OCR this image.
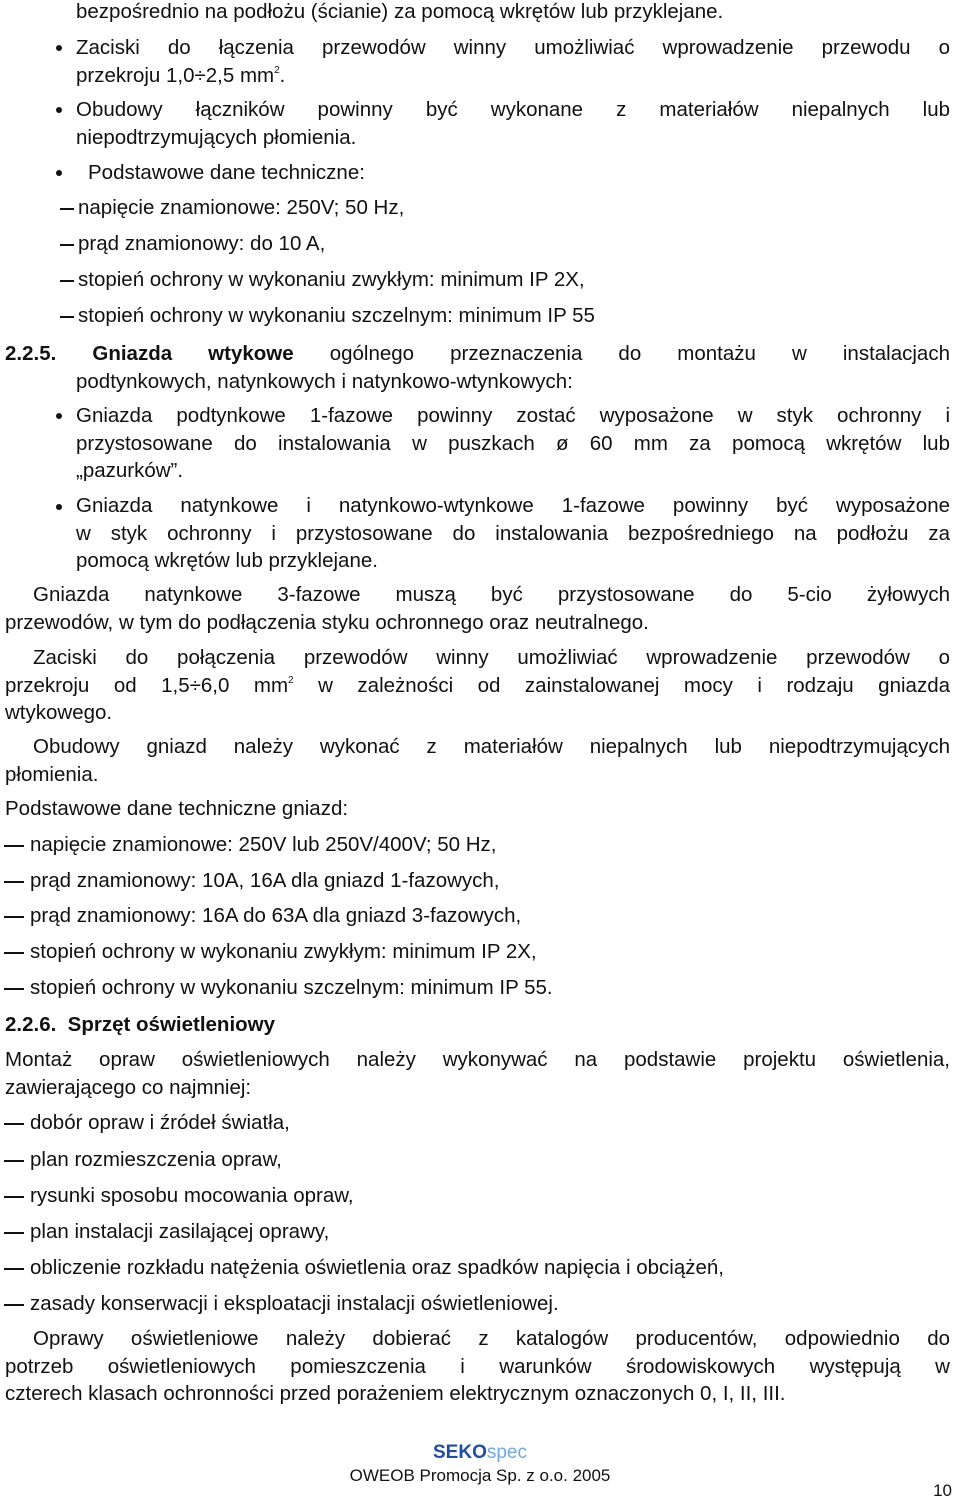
bezpośrednio na podłożu (ścianie) za pomocą wkrętów lub przyklejane.
Zaciski do łączenia przewodów winny umożliwiać wprowadzenie przewodu o
przekroju 1,0÷2,5 $mm^2$.
Obudowy łączników powinny być wykonane z materiałów niepalnych lub
niepodtrzymujących płomienia.
Podstawowe dane techniczne:
napięcie znamionowe: 250V; 50 Hz,
prąd znamionowy: do 10 A,
stopień ochrony w wykonaniu zwykłym: minimum IP 2X,
stopień ochrony w wykonaniu szczelnym: minimum IP 55
2.2.5. Gniazda wtykowe ogólnego przeznaczenia do montażu w instalacjach
podtynkowych, natynkowych i natynkowo-wtynkowych:
Gniazda podtynkowe 1-fazowe powinny zostać wyposażone w styk ochronny i
przystosowane do instalowania w puszkach ø 60 mm za pomocą wkrętów lub
„pazurków”.
Gniazda natynkowe i natynkowo-wtynkowe 1-fazowe powinny być wyposażone
w styk ochronny i przystosowane do instalowania bezpośredniego na podłożu za
pomocą wkrętów lub przyklejane.
Gniazda natynkowe 3-fazowe muszą być przystosowane do 5-cio żyłowych
przewodów, w tym do podłączenia styku ochronnego oraz neutralnego.
Zaciski do połączenia przewodów winny umożliwiać wprowadzenie przewodów o
przekroju od 1,5÷6,0 $mm^2$ w zależności od zainstalowanej mocy i rodzaju gniazda
wtykowego.
Obudowy gniazd należy wykonać z materiałów niepalnych lub niepodtrzymujących
płomienia.
Podstawowe dane techniczne gniazd:
napięcie znamionowe: 250V lub 250V/400V; 50 Hz,
prąd znamionowy: 10A, 16A dla gniazd 1-fazowych,
prąd znamionowy: 16A do 63A dla gniazd 3-fazowych,
stopień ochrony w wykonaniu zwykłym: minimum IP 2X,
stopień ochrony w wykonaniu szczelnym: minimum IP 55.
2.2.6.  Sprzęt oświetleniowy
Montaż opraw oświetleniowych należy wykonywać na podstawie projektu oświetlenia,
zawierającego co najmniej:
dobór opraw i źródeł światła,
plan rozmieszczenia opraw,
rysunki sposobu mocowania opraw,
plan instalacji zasilającej oprawy,
obliczenie rozkładu natężenia oświetlenia oraz spadków napięcia i obciążeń,
zasady konserwacji i eksploatacji instalacji oświetleniowej.
Oprawy oświetleniowe należy dobierać z katalogów producentów, odpowiednio do
potrzeb oświetleniowych pomieszczenia i warunków środowiskowych występują w
czterech klasach ochronności przed porażeniem elektrycznym oznaczonych 0, I, II, III.
SEKOspec
OWEOB Promocja Sp. z o.o. 2005
10
